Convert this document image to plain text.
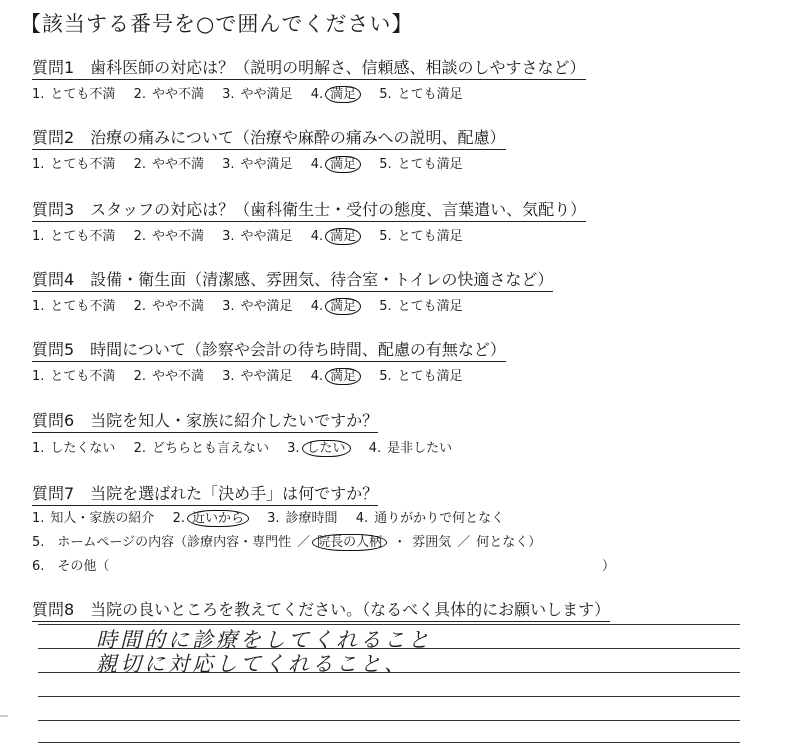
【該当する番号を○で囲んでください】
質問1　歯科医師の対応は？（説明の明解さ、信頼感、相談のしやすさなど）
1. とても不満 2. やや不満 3. やや満足 4. 満足 5. とても満足
質問2　治療の痛みについて（治療や麻酔の痛みへの説明、配慮）
1. とても不満 2. やや不満 3. やや満足 4. 満足 5. とても満足
質問3　スタッフの対応は？（歯科衛生士・受付の態度、言葉遣い、気配り）
1. とても不満 2. やや不満 3. やや満足 4. 満足 5. とても満足
質問4　設備・衛生面（清潔感、雰囲気、待合室・トイレの快適さなど）
1. とても不満 2. やや不満 3. やや満足 4. 満足 5. とても満足
質問5　時間について（診察や会計の待ち時間、配慮の有無など）
1. とても不満 2. やや不満 3. やや満足 4. 満足 5. とても満足
質問6　当院を知人・家族に紹介したいですか？
1. したくない 2. どちらとも言えない 3. したい 4. 是非したい
質問7　当院を選ばれた「決め手」は何ですか？
1. 知人・家族の紹介 2. 近いから 3. 診療時間 4. 通りがかりで何となく
5.　ホームページの内容（診療内容・専門性 ／ 院長の人柄 ・ 雰囲気 ／ 何となく）
6.　その他（	）
質問8　当院の良いところを教えてください。（なるべく具体的にお願いします）
時間的に診療をしてくれること
親切に対応してくれること、
